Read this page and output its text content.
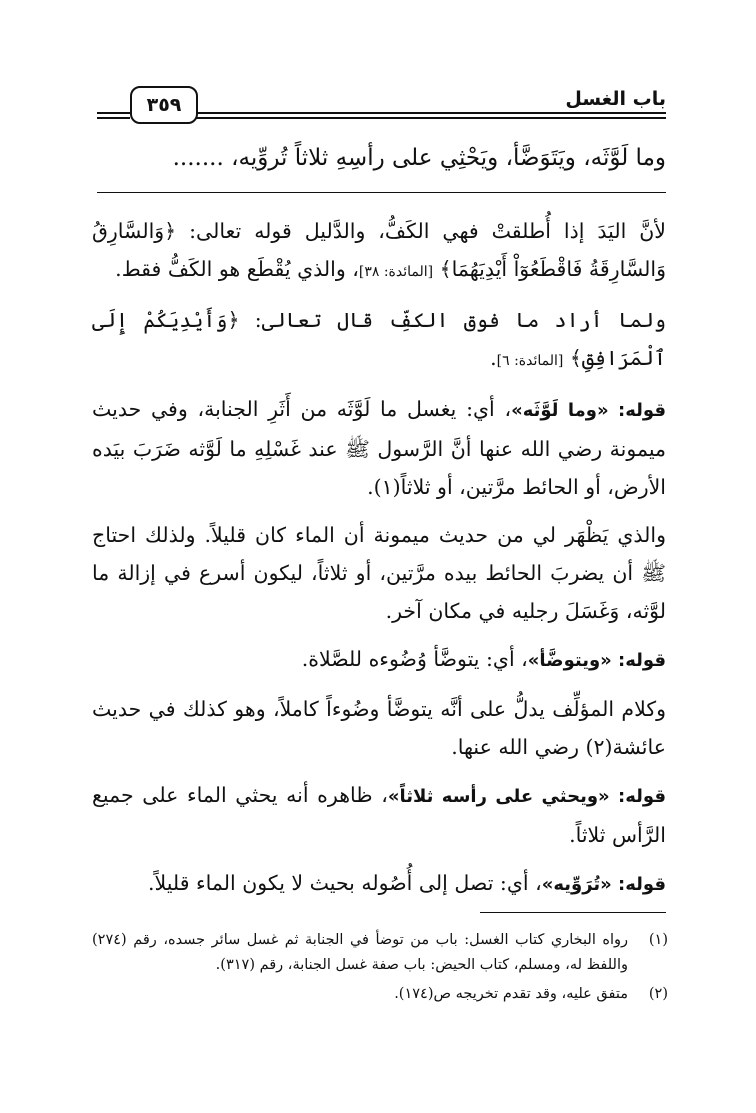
باب الغسل
٣٥٩
وما لَوَّثَه، ويَتَوَضَّأ، ويَحْثِي على رأسِهِ ثلاثاً تُروِّيه، .......

لأنَّ اليَدَ إذا أُطلقتْ فهي الكَفُّ، والدَّليل قوله تعالى: ﴿وَالسَّارِقُ وَالسَّارِقَةُ فَاقْطَعُوٓاْ أَيْدِيَهُمَا﴾ [المائدة: ٣٨]، والذي يُقْطَع هو الكَفُّ فقط.

ولما أراد ما فوق الكفِّ قال تعالى: ﴿وَأَيْدِيَكُمْ إِلَى ٱلْمَرَافِقِ﴾ [المائدة: ٦].

قوله: «وما لَوَّثَه»، أي: يغسل ما لَوَّثَه من أَثَرِ الجنابة، وفي حديث ميمونة رضي الله عنها أنَّ الرَّسول ﷺ عند غَسْلِهِ ما لَوَّثه ضَرَبَ بيَده الأرض، أو الحائط مرَّتين، أو ثلاثاً(١).

والذي يَظْهَر لي من حديث ميمونة أن الماء كان قليلاً. ولذلك احتاج ﷺ أن يضربَ الحائط بيده مرَّتين، أو ثلاثاً، ليكون أسرع في إزالة ما لوَّثه، وَغَسَلَ رجليه في مكان آخر.

قوله: «ويتوضَّأ»، أي: يتوضَّأ وُضُوءه للصَّلاة.

وكلام المؤلِّف يدلُّ على أنَّه يتوضَّأ وضُوءاً كاملاً، وهو كذلك في حديث عائشة(٢) رضي الله عنها.

قوله: «ويحثي على رأسه ثلاثاً»، ظاهره أنه يحثي الماء على جميع الرَّأس ثلاثاً.

قوله: «تُرَوِّيه»، أي: تصل إلى أُصُوله بحيث لا يكون الماء قليلاً.

(١)
رواه البخاري كتاب الغسل: باب من توضأ في الجنابة ثم غسل سائر جسده، رقم (٢٧٤) واللفظ له، ومسلم، كتاب الحيض: باب صفة غسل الجنابة، رقم (٣١٧).
(٢)
متفق عليه، وقد تقدم تخريجه ص(١٧٤).
